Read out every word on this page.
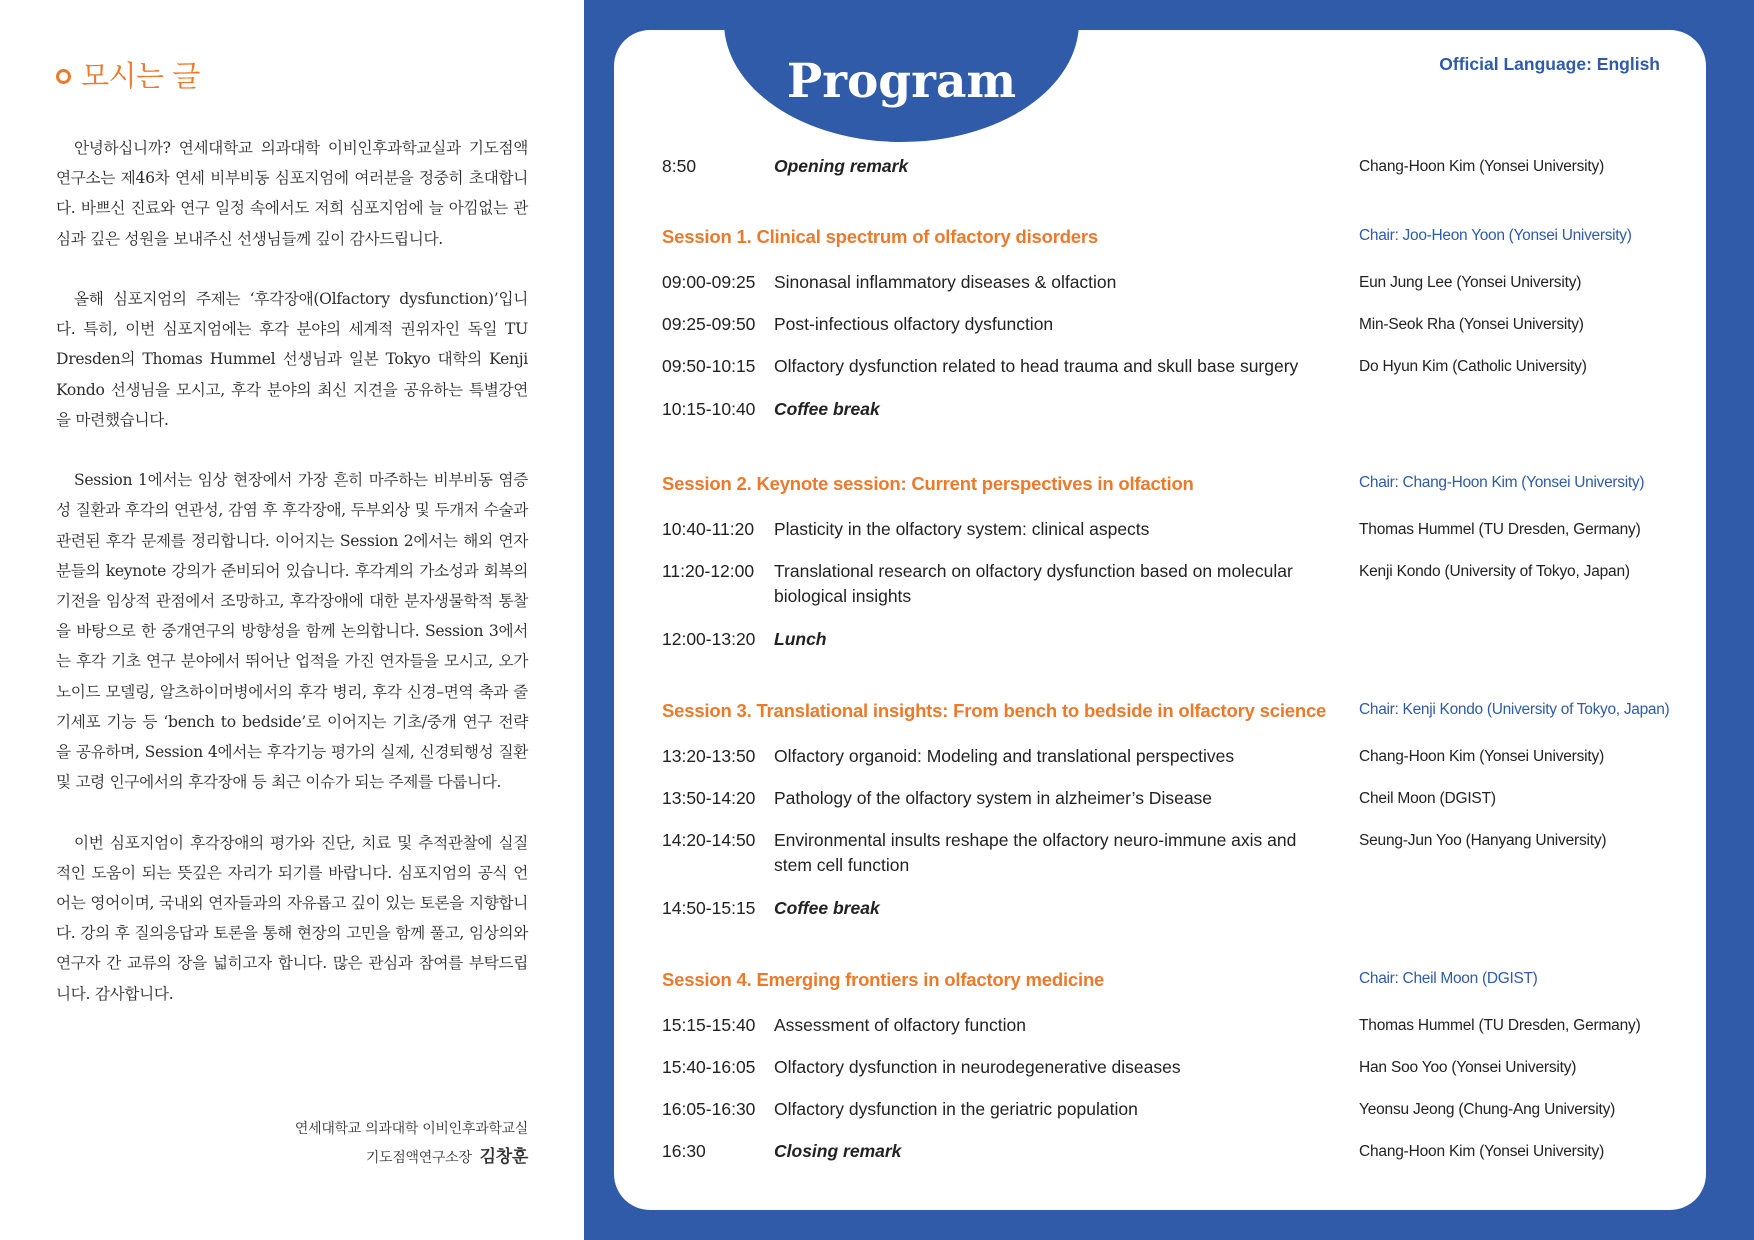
모시는 글

안녕하십니까? 연세대학교 의과대학 이비인후과학교실과 기도점액연구소는 제46차 연세 비부비동 심포지엄에 여러분을 정중히 초대합니다. 바쁘신 진료와 연구 일정 속에서도 저희 심포지엄에 늘 아낌없는 관심과 깊은 성원을 보내주신 선생님들께 깊이 감사드립니다.

올해 심포지엄의 주제는 ‘후각장애(Olfactory dysfunction)’입니다. 특히, 이번 심포지엄에는 후각 분야의 세계적 권위자인 독일 TU Dresden의 Thomas Hummel 선생님과 일본 Tokyo 대학의 Kenji Kondo 선생님을 모시고, 후각 분야의 최신 지견을 공유하는 특별강연을 마련했습니다.

Session 1에서는 임상 현장에서 가장 흔히 마주하는 비부비동 염증성 질환과 후각의 연관성, 감염 후 후각장애, 두부외상 및 두개저 수술과 관련된 후각 문제를 정리합니다. 이어지는 Session 2에서는 해외 연자분들의 keynote 강의가 준비되어 있습니다. 후각계의 가소성과 회복의 기전을 임상적 관점에서 조망하고, 후각장애에 대한 분자생물학적 통찰을 바탕으로 한 중개연구의 방향성을 함께 논의합니다. Session 3에서는 후각 기초 연구 분야에서 뛰어난 업적을 가진 연자들을 모시고, 오가노이드 모델링, 알츠하이머병에서의 후각 병리, 후각 신경–면역 축과 줄기세포 기능 등 ‘bench to bedside’로 이어지는 기초/중개 연구 전략을 공유하며, Session 4에서는 후각기능 평가의 실제, 신경퇴행성 질환 및 고령 인구에서의 후각장애 등 최근 이슈가 되는 주제를 다룹니다.

이번 심포지엄이 후각장애의 평가와 진단, 치료 및 추적관찰에 실질적인 도움이 되는 뜻깊은 자리가 되기를 바랍니다. 심포지엄의 공식 언어는 영어이며, 국내외 연자들과의 자유롭고 깊이 있는 토론을 지향합니다. 강의 후 질의응답과 토론을 통해 현장의 고민을 함께 풀고, 임상의와 연구자 간 교류의 장을 넓히고자 합니다. 많은 관심과 참여를 부탁드립니다. 감사합니다.

연세대학교 의과대학 이비인후과학교실
기도점액연구소장 김창훈
Program	Official Language: English
8:50	Opening remark	Chang-Hoon Kim (Yonsei University)
Session 1. Clinical spectrum of olfactory disorders	Chair: Joo-Heon Yoon (Yonsei University)
09:00-09:25	Sinonasal inflammatory diseases & olfaction	Eun Jung Lee (Yonsei University)
09:25-09:50	Post-infectious olfactory dysfunction	Min-Seok Rha (Yonsei University)
09:50-10:15	Olfactory dysfunction related to head trauma and skull base surgery	Do Hyun Kim (Catholic University)
10:15-10:40	Coffee break
Session 2. Keynote session: Current perspectives in olfaction	Chair: Chang-Hoon Kim (Yonsei University)
10:40-11:20	Plasticity in the olfactory system: clinical aspects	Thomas Hummel (TU Dresden, Germany)
11:20-12:00	Translational research on olfactory dysfunction based on molecular biological insights
Kenji Kondo (University of Tokyo, Japan)
12:00-13:20	Lunch
Session 3. Translational insights: From bench to bedside in olfactory science Chair: Kenji Kondo (University of Tokyo, Japan)
13:20-13:50	Olfactory organoid: Modeling and translational perspectives	Chang-Hoon Kim (Yonsei University)
13:50-14:20	Pathology of the olfactory system in alzheimer’s Disease	Cheil Moon (DGIST)
14:20-14:50	Environmental insults reshape the olfactory neuro-immune axis and stem cell function
Seung-Jun Yoo (Hanyang University)
14:50-15:15	Coffee break
Session 4. Emerging frontiers in olfactory medicine	Chair: Cheil Moon (DGIST)
15:15-15:40	Assessment of olfactory function	Thomas Hummel (TU Dresden, Germany)
15:40-16:05	Olfactory dysfunction in neurodegenerative diseases	Han Soo Yoo (Yonsei University)
16:05-16:30	Olfactory dysfunction in the geriatric population	Yeonsu Jeong (Chung-Ang University)
16:30	Closing remark	Chang-Hoon Kim (Yonsei University)
